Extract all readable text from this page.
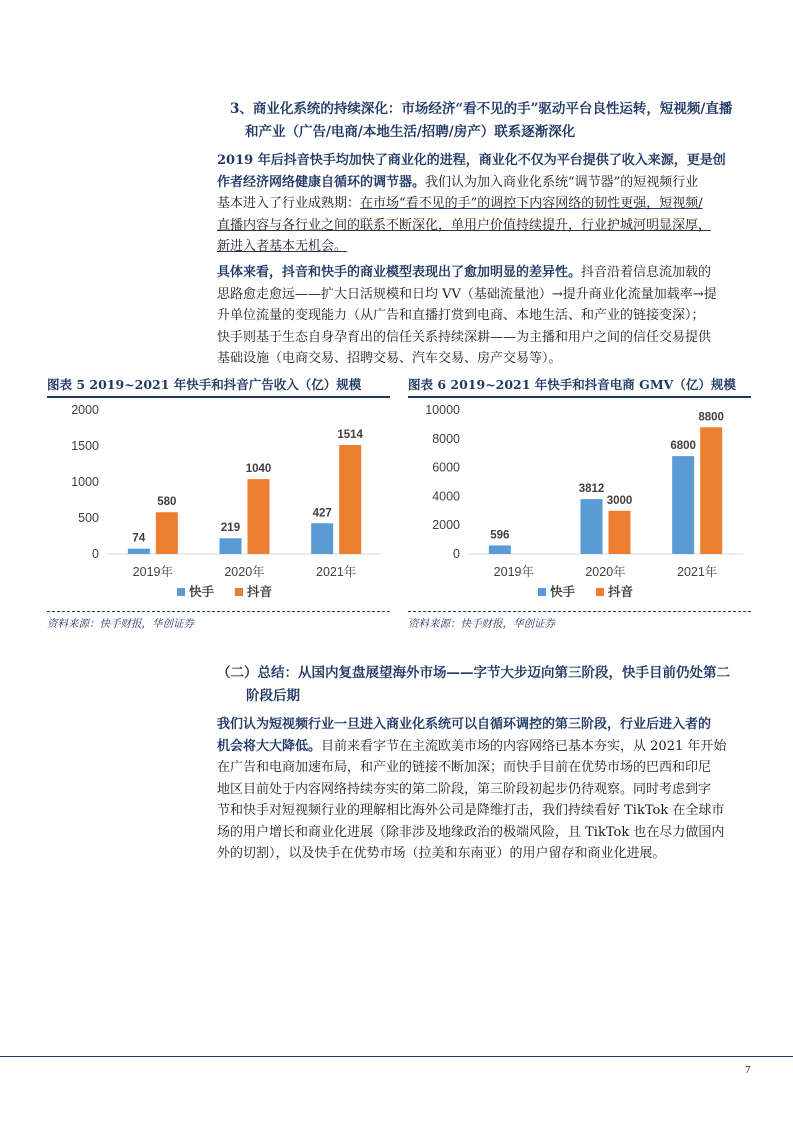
3、商业化系统的持续深化：市场经济“看不见的手”驱动平台良性运转，短视频/直播
和产业（广告/电商/本地生活/招聘/房产）联系逐渐深化
2019 年后抖音快手均加快了商业化的进程，商业化不仅为平台提供了收入来源，更是创
作者经济网络健康自循环的调节器。我们认为加入商业化系统“调节器”的短视频行业
基本进入了行业成熟期：在市场“看不见的手”的调控下内容网络的韧性更强，短视频/
直播内容与各行业之间的联系不断深化，单用户价值持续提升，行业护城河明显深厚，
新进入者基本无机会。
具体来看，抖音和快手的商业模型表现出了愈加明显的差异性。抖音沿着信息流加载的
思路愈走愈远——扩大日活规模和日均 VV（基础流量池）→提升商业化流量加载率→提
升单位流量的变现能力（从广告和直播打赏到电商、本地生活、和产业的链接变深）；
快手则基于生态自身孕育出的信任关系持续深耕——为主播和用户之间的信任交易提供
基础设施（电商交易、招聘交易、汽车交易、房产交易等）。
图表 5 2019~2021 年快手和抖音广告收入（亿）规模
0
500
1000
1500
2000
74
580
2019年
219
1040
2020年
427
1514
2021年
快手	抖音
资料来源：快手财报，华创证券
图表 6 2019~2021 年快手和抖音电商 GMV（亿）规模
0
2000
4000
6000
8000
10000
596
2019年
3812
3000
2020年
6800
8800
2021年
快手	抖音
资料来源：快手财报，华创证券
（二）总结：从国内复盘展望海外市场——字节大步迈向第三阶段，快手目前仍处第二
阶段后期
我们认为短视频行业一旦进入商业化系统可以自循环调控的第三阶段，行业后进入者的
机会将大大降低。目前来看字节在主流欧美市场的内容网络已基本夯实，从 2021 年开始
在广告和电商加速布局，和产业的链接不断加深；而快手目前在优势市场的巴西和印尼
地区目前处于内容网络持续夯实的第二阶段，第三阶段初起步仍待观察。同时考虑到字
节和快手对短视频行业的理解相比海外公司是降维打击，我们持续看好 TikTok 在全球市
场的用户增长和商业化进展（除非涉及地缘政治的极端风险，且 TikTok 也在尽力做国内
外的切割），以及快手在优势市场（拉美和东南亚）的用户留存和商业化进展。
7
